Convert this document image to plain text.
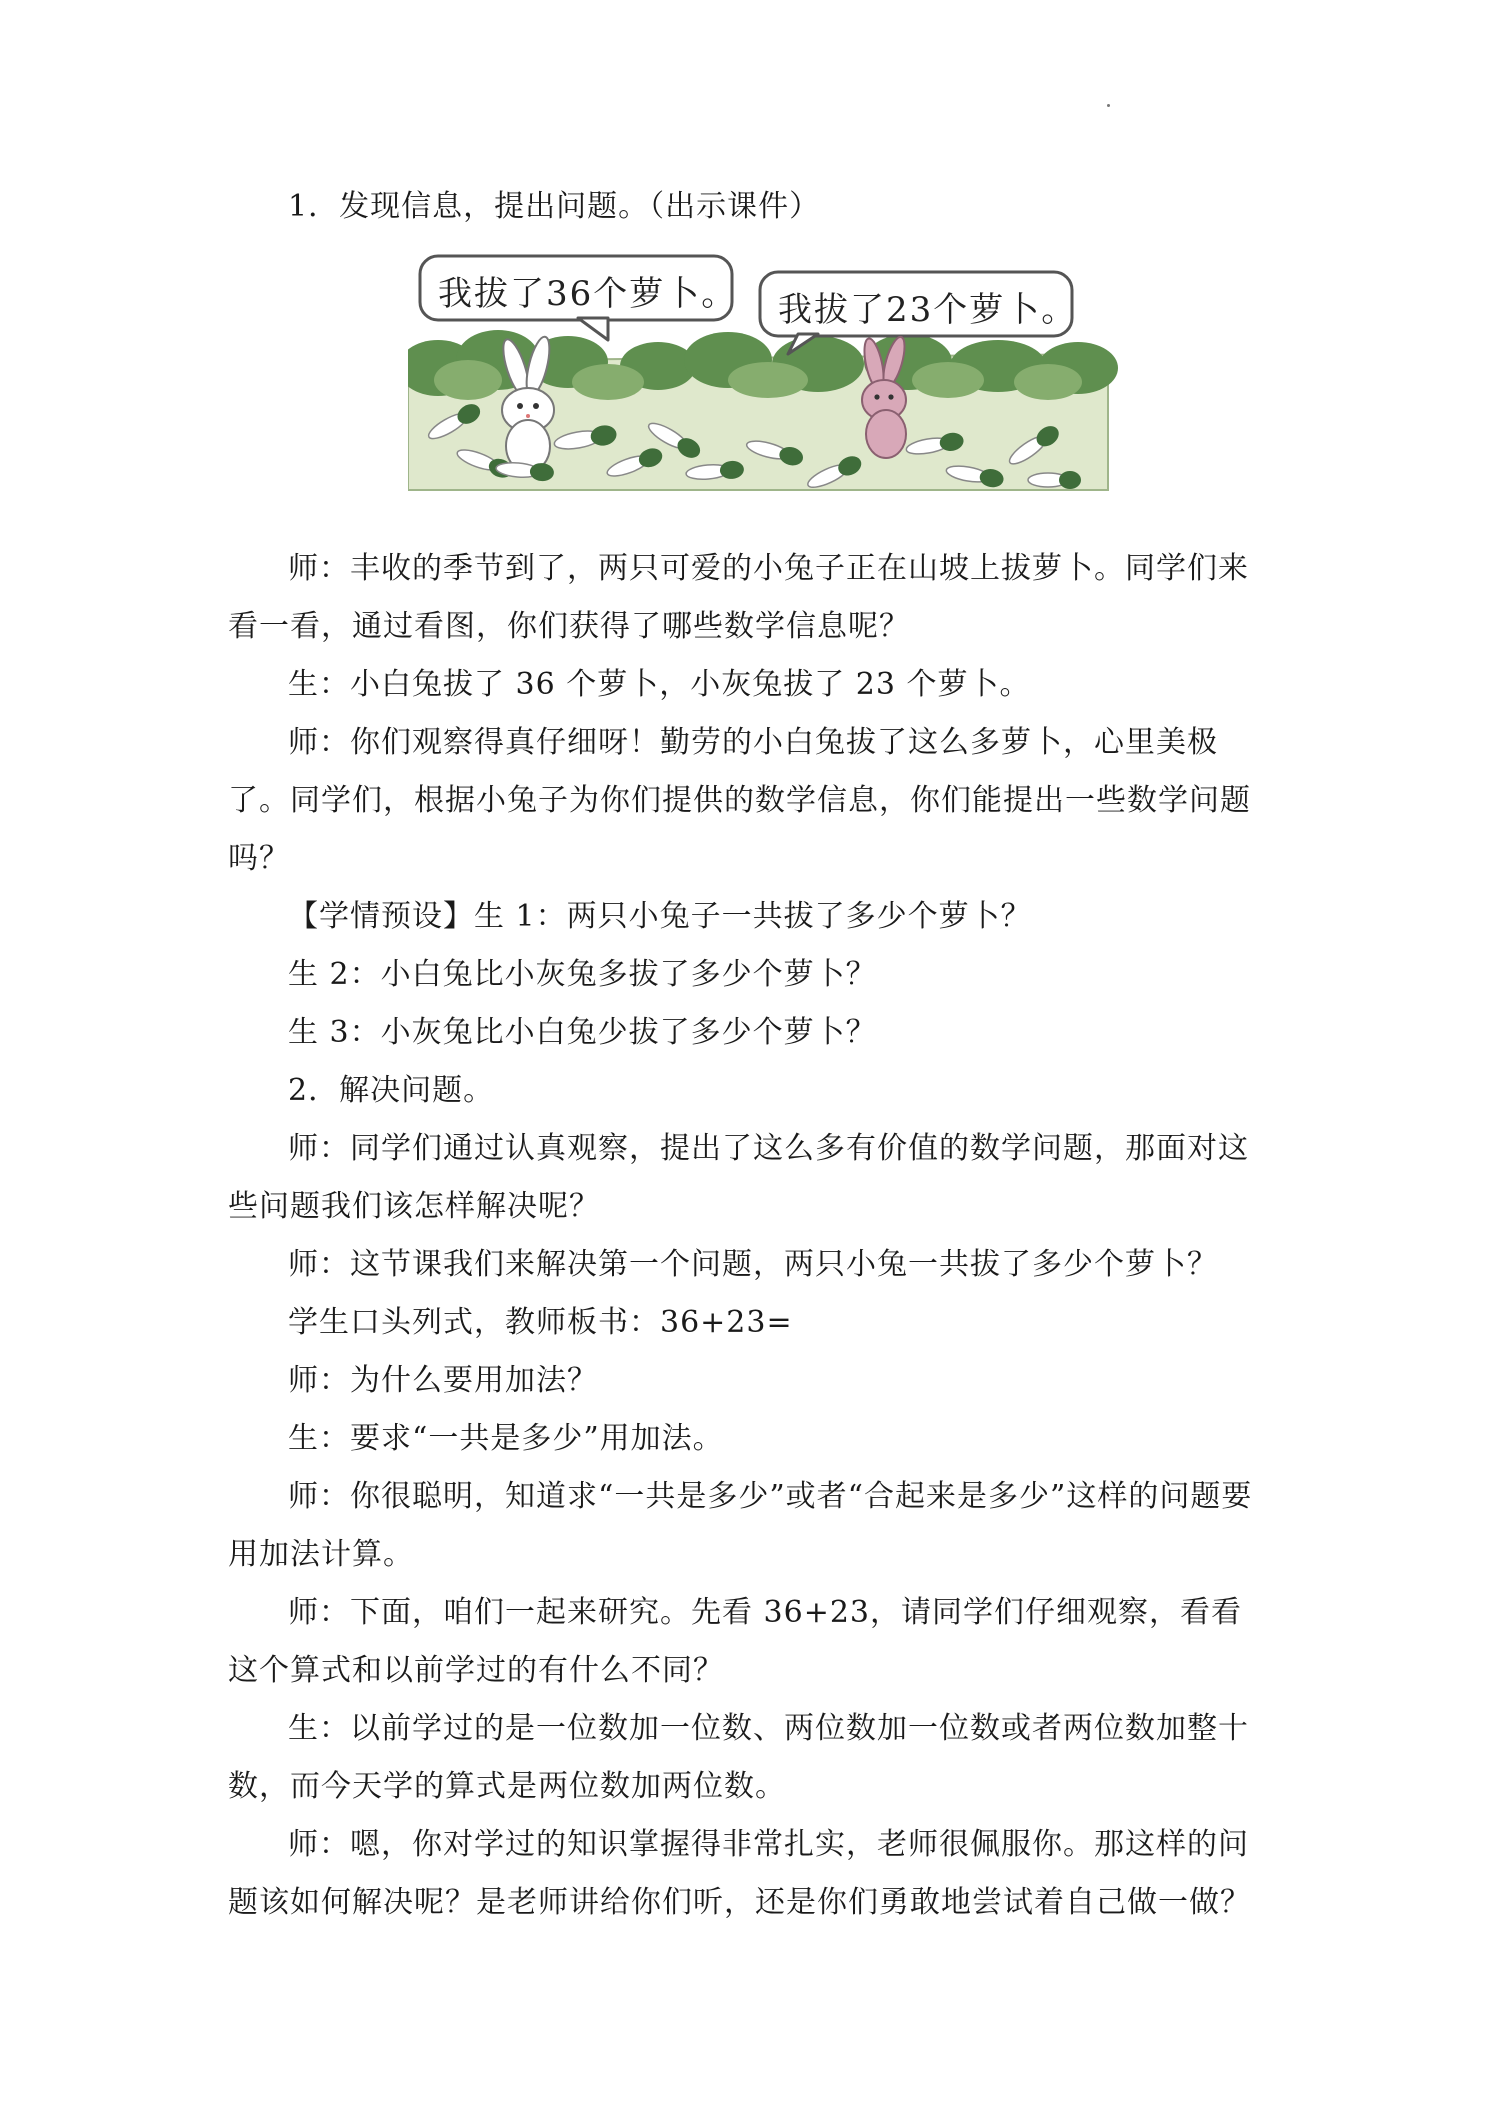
1．发现信息，提出问题。（出示课件）

我拔了36个萝卜。 我拔了23个萝卜。

师：丰收的季节到了，两只可爱的小兔子正在山坡上拔萝卜。同学们来看一看，通过看图，你们获得了哪些数学信息呢？

生：小白兔拔了 36 个萝卜，小灰兔拔了 23 个萝卜。

师：你们观察得真仔细呀！勤劳的小白兔拔了这么多萝卜，心里美极了。同学们，根据小兔子为你们提供的数学信息，你们能提出一些数学问题吗？

【学情预设】生 1：两只小兔子一共拔了多少个萝卜？

生 2：小白兔比小灰兔多拔了多少个萝卜？

生 3：小灰兔比小白兔少拔了多少个萝卜？

2．解决问题。

师：同学们通过认真观察，提出了这么多有价值的数学问题，那面对这些问题我们该怎样解决呢？

师：这节课我们来解决第一个问题，两只小兔一共拔了多少个萝卜？

学生口头列式，教师板书：36+23=

师：为什么要用加法？

生：要求“一共是多少”用加法。

师：你很聪明，知道求“一共是多少”或者“合起来是多少”这样的问题要用加法计算。

师：下面，咱们一起来研究。先看 36+23，请同学们仔细观察，看看这个算式和以前学过的有什么不同？

生：以前学过的是一位数加一位数、两位数加一位数或者两位数加整十数，而今天学的算式是两位数加两位数。

师：嗯，你对学过的知识掌握得非常扎实，老师很佩服你。那这样的问题该如何解决呢？是老师讲给你们听，还是你们勇敢地尝试着自己做一做？
